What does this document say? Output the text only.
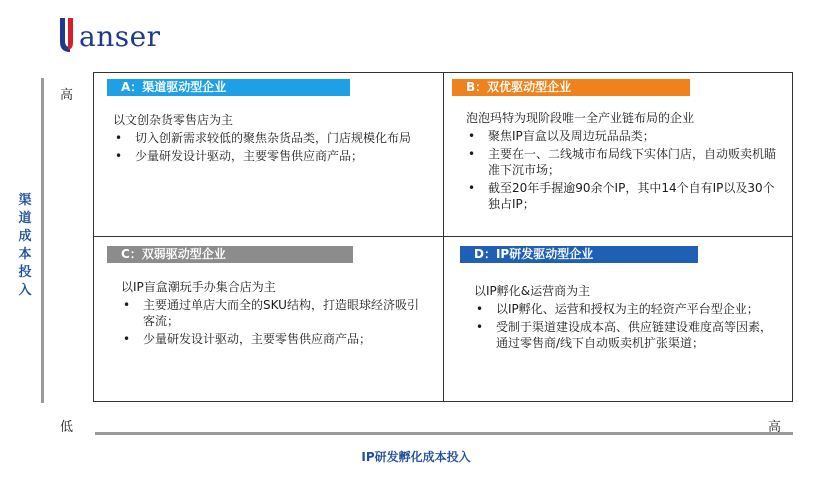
anser
高
低	高
渠道成本投入
IP研发孵化成本投入
A：渠道驱动型企业
以文创杂货零售店为主
• 切入创新需求较低的聚焦杂货品类，门店规模化布局
• 少量研发设计驱动，主要零售供应商产品；
B：双优驱动型企业
泡泡玛特为现阶段唯一全产业链布局的企业
• 聚焦IP盲盒以及周边玩品品类；
• 主要在一、二线城市布局线下实体门店，自动贩卖机瞄准下沉市场；
• 截至20年手握逾90余个IP，其中14个自有IP以及30个独占IP；
C：双弱驱动型企业
以IP盲盒潮玩手办集合店为主
• 主要通过单店大而全的SKU结构，打造眼球经济吸引客流；
• 少量研发设计驱动，主要零售供应商产品；
D：IP研发驱动型企业
以IP孵化&运营商为主
• 以IP孵化、运营和授权为主的轻资产平台型企业；
• 受制于渠道建设成本高、供应链建设难度高等因素，通过零售商/线下自动贩卖机扩张渠道；
